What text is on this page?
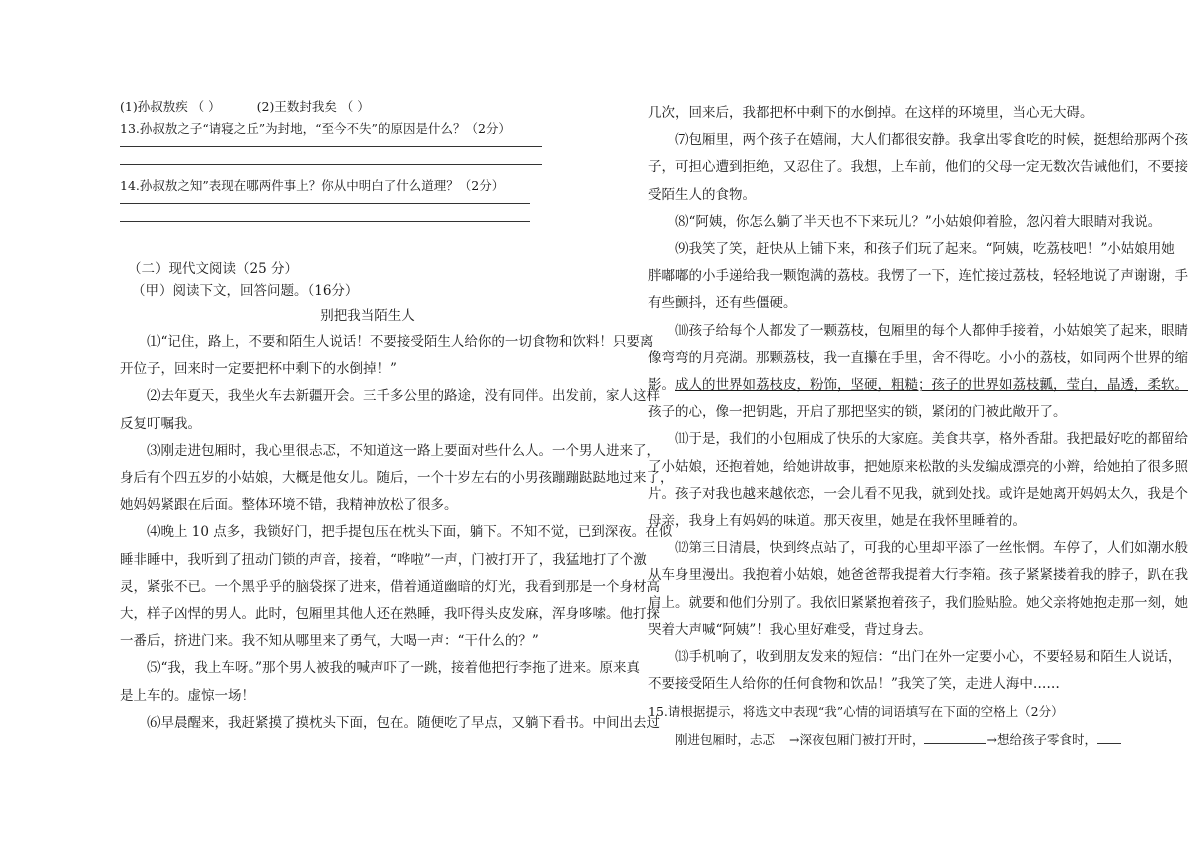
(1)孙叔敖疾 （ ）	(2)王数封我矣 （ ）
13.孙叔敖之子“请寝之丘”为封地，“至今不失”的原因是什么？（2分）
14.孙叔敖之知”表现在哪两件事上？你从中明白了什么道理？（2分）
（二）现代文阅读（25 分）
（甲）阅读下文，回答问题。（16分）
别把我当陌生人
⑴“记住，路上，不要和陌生人说话！不要接受陌生人给你的一切食物和饮料！只要离
开位子，回来时一定要把杯中剩下的水倒掉！”
⑵去年夏天，我坐火车去新疆开会。三千多公里的路途，没有同伴。出发前，家人这样
反复叮嘱我。
⑶刚走进包厢时，我心里很忐忑，不知道这一路上要面对些什么人。一个男人进来了，
身后有个四五岁的小姑娘，大概是他女儿。随后，一个十岁左右的小男孩蹦蹦跶跶地过来了，
她妈妈紧跟在后面。整体环境不错，我精神放松了很多。
⑷晚上 10 点多，我锁好门，把手提包压在枕头下面，躺下。不知不觉，已到深夜。在似
睡非睡中，我听到了扭动门锁的声音，接着，“哗啦”一声，门被打开了，我猛地打了个激
灵，紧张不已。一个黑乎乎的脑袋探了进来，借着通道幽暗的灯光，我看到那是一个身材高
大，样子凶悍的男人。此时，包厢里其他人还在熟睡，我吓得头皮发麻，浑身哆嗦。他打探
一番后，挤进门来。我不知从哪里来了勇气，大喝一声：“干什么的？”
⑸“我，我上车呀。”那个男人被我的喊声吓了一跳，接着他把行李拖了进来。原来真
是上车的。虚惊一场！
⑹早晨醒来，我赶紧摸了摸枕头下面，包在。随便吃了早点，又躺下看书。中间出去过
几次，回来后，我都把杯中剩下的水倒掉。在这样的环境里，当心无大碍。
⑺包厢里，两个孩子在嬉闹，大人们都很安静。我拿出零食吃的时候，挺想给那两个孩
子，可担心遭到拒绝，又忍住了。我想，上车前，他们的父母一定无数次告诫他们，不要接
受陌生人的食物。
⑻“阿姨，你怎么躺了半天也不下来玩儿？”小姑娘仰着脸，忽闪着大眼睛对我说。
⑼我笑了笑，赶快从上铺下来，和孩子们玩了起来。“阿姨，吃荔枝吧！”小姑娘用她
胖嘟嘟的小手递给我一颗饱满的荔枝。我愣了一下，连忙接过荔枝，轻轻地说了声谢谢，手
有些颤抖，还有些僵硬。
⑽孩子给每个人都发了一颗荔枝，包厢里的每个人都伸手接着，小姑娘笑了起来，眼睛
像弯弯的月亮湖。那颗荔枝，我一直攥在手里，舍不得吃。小小的荔枝，如同两个世界的缩
影。成人的世界如荔枝皮，粉饰，坚硬，粗糙；孩子的世界如荔枝瓤，莹白，晶透，柔软。
孩子的心，像一把钥匙，开启了那把坚实的锁，紧闭的门被此敞开了。
⑾于是，我们的小包厢成了快乐的大家庭。美食共享，格外香甜。我把最好吃的都留给
了小姑娘，还抱着她，给她讲故事，把她原来松散的头发编成漂亮的小辫，给她拍了很多照
片。孩子对我也越来越依恋，一会儿看不见我，就到处找。或许是她离开妈妈太久，我是个
母亲，我身上有妈妈的味道。那天夜里，她是在我怀里睡着的。
⑿第三日清晨，快到终点站了，可我的心里却平添了一丝怅惘。车停了，人们如潮水般
从车身里漫出。我抱着小姑娘，她爸爸帮我提着大行李箱。孩子紧紧搂着我的脖子，趴在我
肩上。就要和他们分别了。我依旧紧紧抱着孩子，我们脸贴脸。她父亲将她抱走那一刻，她
哭着大声喊“阿姨”！我心里好难受，背过身去。
⒀手机响了，收到朋友发来的短信：“出门在外一定要小心，不要轻易和陌生人说话，
不要接受陌生人给你的任何食物和饮品！”我笑了笑，走进人海中……
15.请根据提示，将选文中表现“我”心情的词语填写在下面的空格上（2分）
刚进包厢时，忐忑 →深夜包厢门被打开时，	→想给孩子零食时，
